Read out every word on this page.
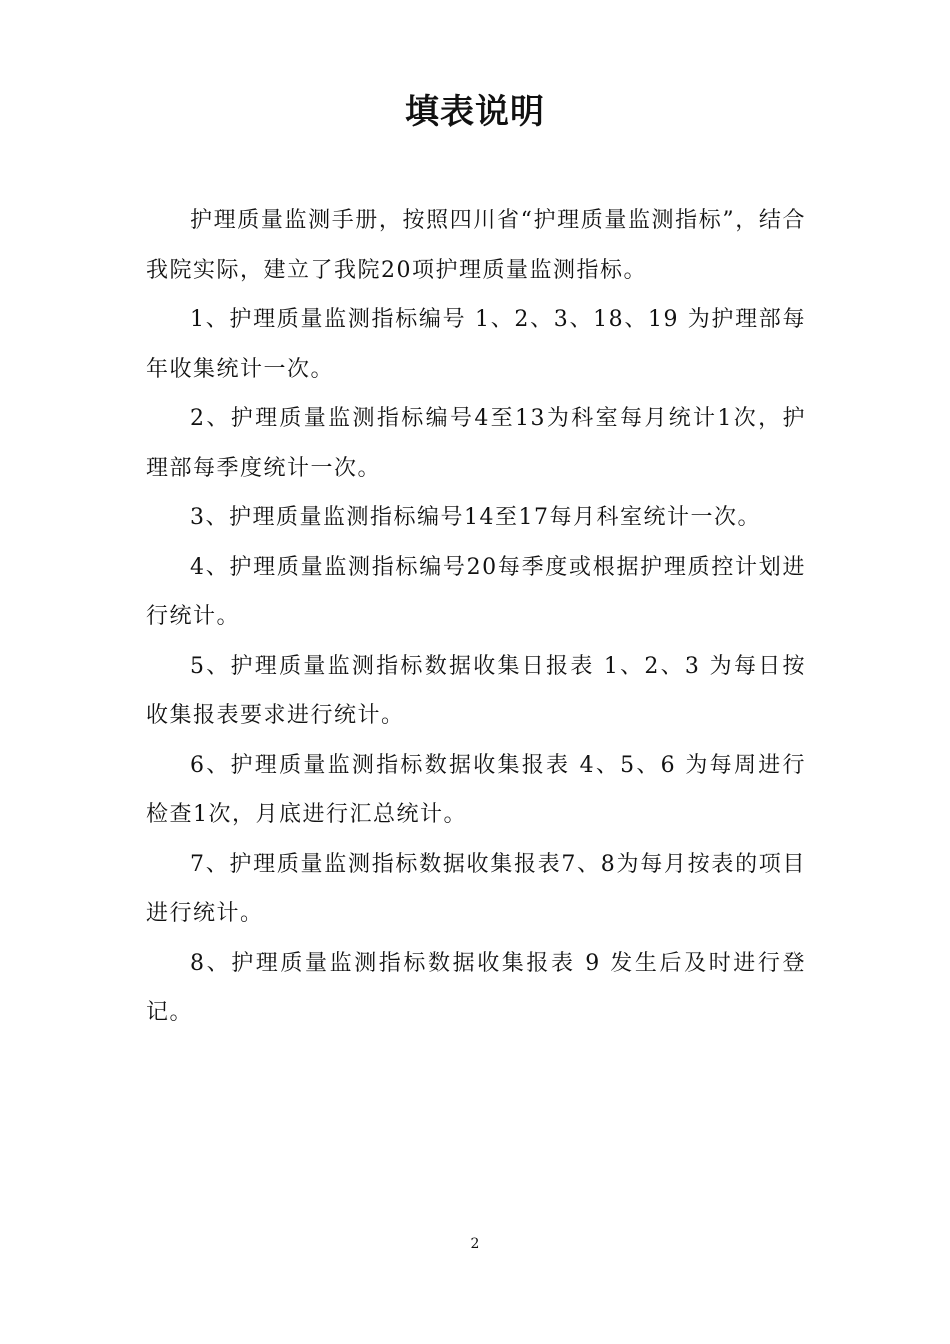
填表说明

护理质量监测手册，按照四川省“护理质量监测指标”，结合我院实际，建立了我院20项护理质量监测指标。

1、护理质量监测指标编号 1、2、3、18、19 为护理部每年收集统计一次。

2、护理质量监测指标编号4至13为科室每月统计1次，护理部每季度统计一次。

3、护理质量监测指标编号14至17每月科室统计一次。

4、护理质量监测指标编号20每季度或根据护理质控计划进行统计。

5、护理质量监测指标数据收集日报表 1、2、3 为每日按收集报表要求进行统计。

6、护理质量监测指标数据收集报表 4、5、6 为每周进行检查1次，月底进行汇总统计。

7、护理质量监测指标数据收集报表7、8为每月按表的项目进行统计。

8、护理质量监测指标数据收集报表 9 发生后及时进行登记。

2
